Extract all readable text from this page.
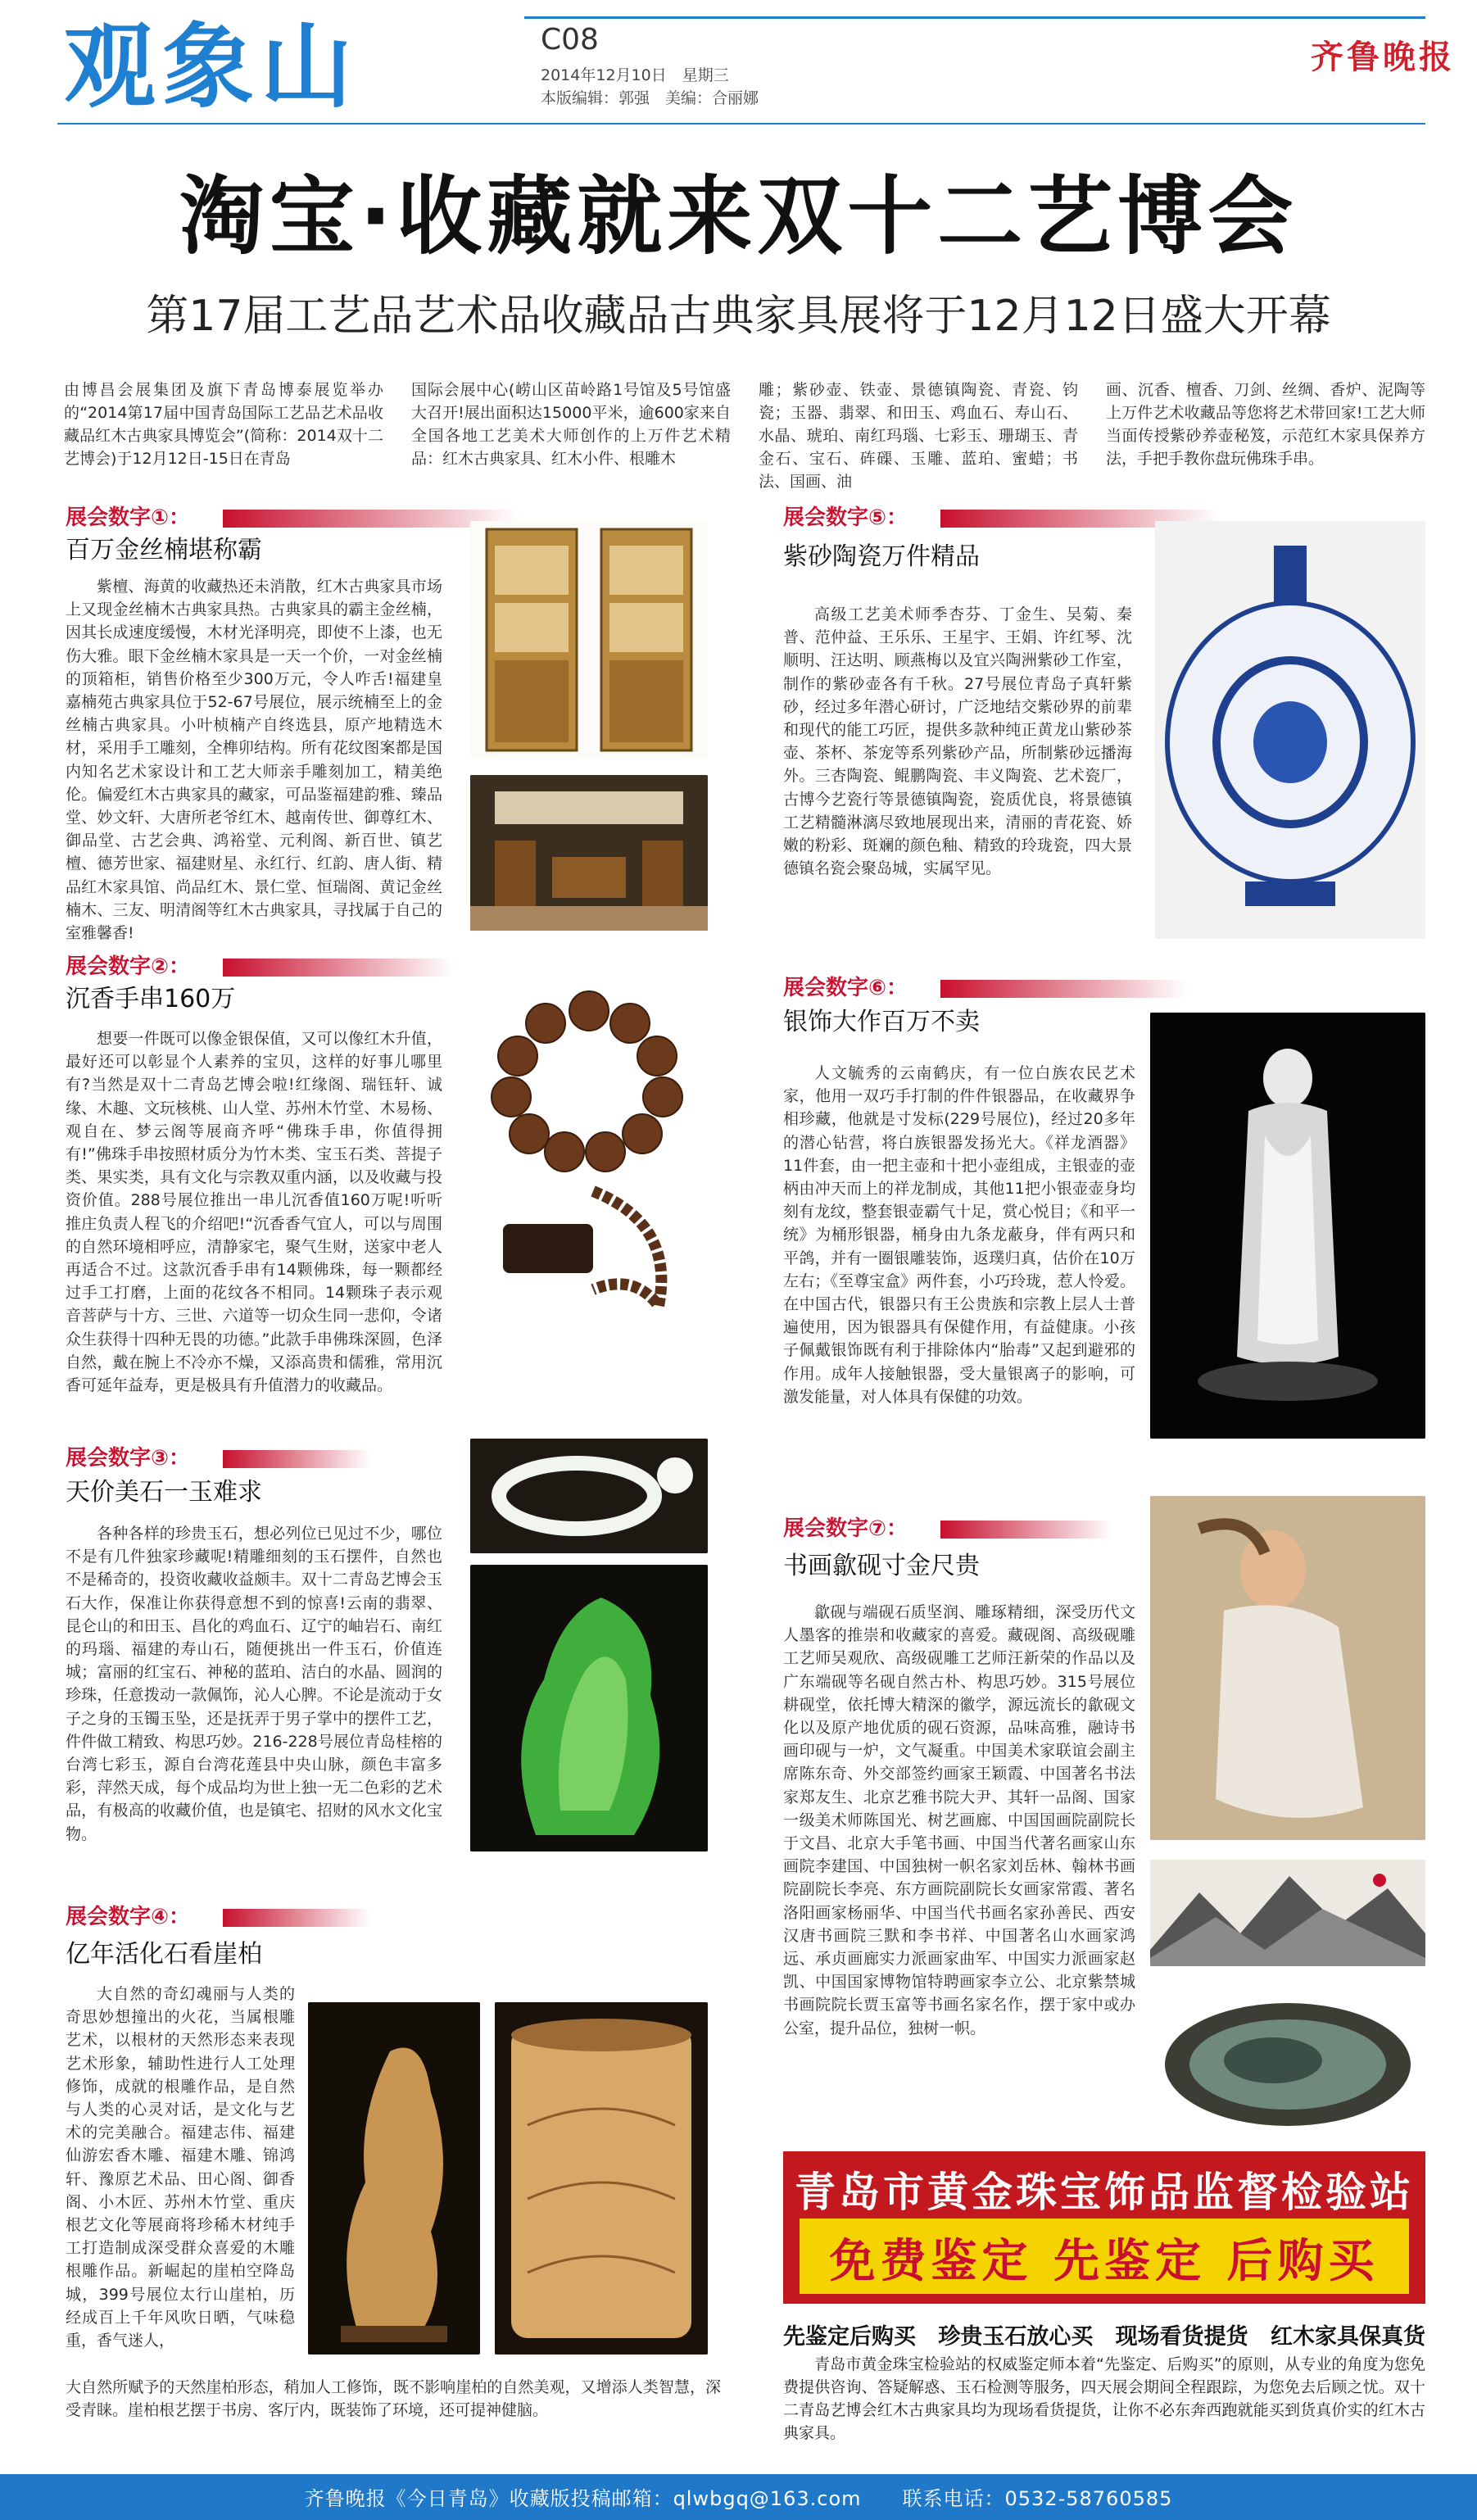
观象山	C08
2014年12月10日　星期三
本版编辑：郭强　美编：合丽娜
齐鲁晚报
淘宝·收藏就来双十二艺博会
第17届工艺品艺术品收藏品古典家具展将于12月12日盛大开幕
由博昌会展集团及旗下青岛博泰展览举办的“2014第17届中国青岛国际工艺品艺术品收藏品红木古典家具博览会”(简称：2014双十二艺博会)于12月12日-15日在青岛
国际会展中心(崂山区苗岭路1号馆及5号馆盛大召开!展出面积达15000平米，逾600家来自全国各地工艺美术大师创作的上万件艺术精品：红木古典家具、红木小件、根雕木
雕；紫砂壶、铁壶、景德镇陶瓷、青瓷、钧瓷；玉器、翡翠、和田玉、鸡血石、寿山石、水晶、琥珀、南红玛瑙、七彩玉、珊瑚玉、青金石、宝石、砗磲、玉雕、蓝珀、蜜蜡；书法、国画、油
画、沉香、檀香、刀剑、丝绸、香炉、泥陶等上万件艺术收藏品等您将艺术带回家!工艺大师当面传授紫砂养壶秘笈，示范红木家具保养方法，手把手教你盘玩佛珠手串。
展会数字①：
百万金丝楠堪称霸
紫檀、海黄的收藏热还未消散，红木古典家具市场上又现金丝楠木古典家具热。古典家具的霸主金丝楠，因其长成速度缓慢，木材光泽明亮，即使不上漆，也无伤大雅。眼下金丝楠木家具是一天一个价，一对金丝楠的顶箱柜，销售价格至少300万元，令人咋舌!福建皇嘉楠苑古典家具位于52-67号展位，展示统楠至上的金丝楠古典家具。小叶桢楠产自终选县，原产地精选木材，采用手工雕刻，全榫卯结构。所有花纹图案都是国内知名艺术家设计和工艺大师亲手雕刻加工，精美绝伦。偏爱红木古典家具的藏家，可品鉴福建韵雅、臻品堂、妙文轩、大唐所老爷红木、越南传世、御尊红木、御品堂、古艺会典、鸿裕堂、元利阁、新百世、镇艺檀、德芳世家、福建财星、永红行、红韵、唐人街、精品红木家具馆、尚品红木、景仁堂、恒瑞阁、黄记金丝楠木、三友、明清阁等红木古典家具，寻找属于自己的室雅馨香!
展会数字②：
沉香手串160万
想要一件既可以像金银保值，又可以像红木升值，最好还可以彰显个人素养的宝贝，这样的好事儿哪里有?当然是双十二青岛艺博会啦!红缘阁、瑞钰轩、诚缘、木趣、文玩核桃、山人堂、苏州木竹堂、木易杨、观自在、梦云阁等展商齐呼“佛珠手串，你值得拥有!”佛珠手串按照材质分为竹木类、宝玉石类、菩提子类、果实类，具有文化与宗教双重内涵，以及收藏与投资价值。288号展位推出一串儿沉香值160万呢!听听推庄负责人程飞的介绍吧!“沉香香气宜人，可以与周围的自然环境相呼应，清静家宅，聚气生财，送家中老人再适合不过。这款沉香手串有14颗佛珠，每一颗都经过手工打磨，上面的花纹各不相同。14颗珠子表示观音菩萨与十方、三世、六道等一切众生同一悲仰，令诸众生获得十四种无畏的功德。”此款手串佛珠深圆，色泽自然，戴在腕上不冷亦不燥，又添高贵和儒雅，常用沉香可延年益寿，更是极具有升值潜力的收藏品。
展会数字③：
天价美石一玉难求
各种各样的珍贵玉石，想必列位已见过不少，哪位不是有几件独家珍藏呢!精雕细刻的玉石摆件，自然也不是稀奇的，投资收藏收益颇丰。双十二青岛艺博会玉石大作，保准让你获得意想不到的惊喜!云南的翡翠、昆仑山的和田玉、昌化的鸡血石、辽宁的岫岩石、南红的玛瑙、福建的寿山石，随便挑出一件玉石，价值连城；富丽的红宝石、神秘的蓝珀、洁白的水晶、圆润的珍珠，任意拨动一款佩饰，沁人心脾。不论是流动于女子之身的玉镯玉坠，还是抚弄于男子掌中的摆件工艺，件件做工精致、构思巧妙。216-228号展位青岛桂榕的台湾七彩玉，源自台湾花莲县中央山脉，颜色丰富多彩，萍然天成，每个成品均为世上独一无二色彩的艺术品，有极高的收藏价值，也是镇宅、招财的风水文化宝物。
展会数字④：
亿年活化石看崖柏
大自然的奇幻魂丽与人类的奇思妙想撞出的火花，当属根雕艺术，以根材的天然形态来表现艺术形象，辅助性进行人工处理修饰，成就的根雕作品，是自然与人类的心灵对话，是文化与艺术的完美融合。福建志伟、福建仙游宏香木雕、福建木雕、锦鸿轩、豫原艺术品、田心阁、御香阁、小木匠、苏州木竹堂、重庆根艺文化等展商将珍稀木材纯手工打造制成深受群众喜爱的木雕根雕作品。新崛起的崖柏空降岛城，399号展位太行山崖柏，历经成百上千年风吹日晒，气味稳重，香气迷人，
大自然所赋予的天然崖柏形态，稍加人工修饰，既不影响崖柏的自然美观，又增添人类智慧，深受青睐。崖柏根艺摆于书房、客厅内，既装饰了环境，还可提神健脑。
展会数字⑤：
紫砂陶瓷万件精品
高级工艺美术师季杏芬、丁金生、吴菊、秦普、范仲益、王乐乐、王星宇、王娟、许红琴、沈顺明、汪达明、顾燕梅以及宜兴陶洲紫砂工作室，制作的紫砂壶各有千秋。27号展位青岛子真轩紫砂，经过多年潜心研讨，广泛地结交紫砂界的前辈和现代的能工巧匠，提供多款种纯正黄龙山紫砂茶壶、茶杯、茶宠等系列紫砂产品，所制紫砂远播海外。三杏陶瓷、鲲鹏陶瓷、丰义陶瓷、艺术瓷厂，古博今艺瓷行等景德镇陶瓷，瓷质优良，将景德镇工艺精髓淋漓尽致地展现出来，清丽的青花瓷、娇嫩的粉彩、斑斓的颜色釉、精致的玲珑瓷，四大景德镇名瓷会聚岛城，实属罕见。
展会数字⑥：
银饰大作百万不卖
人文毓秀的云南鹤庆，有一位白族农民艺术家，他用一双巧手打制的件件银器品，在收藏界争相珍藏，他就是寸发标(229号展位)，经过20多年的潜心钻营，将白族银器发扬光大。《祥龙酒器》11件套，由一把主壶和十把小壶组成，主银壶的壶柄由冲天而上的祥龙制成，其他11把小银壶壶身均刻有龙纹，整套银壶霸气十足，赏心悦目；《和平一统》为桶形银器，桶身由九条龙蔽身，伴有两只和平鸽，并有一圈银雕装饰，返璞归真，估价在10万左右；《至尊宝盒》两件套，小巧玲珑，惹人怜爱。在中国古代，银器只有王公贵族和宗教上层人士普遍使用，因为银器具有保健作用，有益健康。小孩子佩戴银饰既有利于排除体内“胎毒”又起到避邪的作用。成年人接触银器，受大量银离子的影响，可激发能量，对人体具有保健的功效。
展会数字⑦：
书画歙砚寸金尺贵
歙砚与端砚石质坚润、雕琢精细，深受历代文人墨客的推崇和收藏家的喜爱。藏砚阁、高级砚雕工艺师吴观欣、高级砚雕工艺师汪新荣的作品以及广东端砚等名砚自然古朴、构思巧妙。315号展位耕砚堂，依托博大精深的徽学，源远流长的歙砚文化以及原产地优质的砚石资源，品味高雅，融诗书画印砚与一炉，文气凝重。中国美术家联谊会副主席陈东奇、外交部签约画家王颖霞、中国著名书法家郑友生、北京艺雅书院大尹、其轩一品阁、国家一级美术师陈国光、树艺画廊、中国国画院副院长于文昌、北京大手笔书画、中国当代著名画家山东画院李建国、中国独树一帜名家刘岳林、翰林书画院副院长李亮、东方画院副院长女画家常霞、著名洛阳画家杨丽华、中国当代书画名家孙善民、西安汉唐书画院三默和李书祥、中国著名山水画家鸿远、承贞画廊实力派画家曲军、中国实力派画家赵凯、中国国家博物馆特聘画家李立公、北京紫禁城书画院院长贾玉富等书画名家名作，摆于家中或办公室，提升品位，独树一帜。
青岛市黄金珠宝饰品监督检验站
免费鉴定 先鉴定 后购买
先鉴定后购买 珍贵玉石放心买 现场看货提货 红木家具保真货
青岛市黄金珠宝检验站的权威鉴定师本着“先鉴定、后购买”的原则，从专业的角度为您免费提供咨询、答疑解惑、玉石检测等服务，四天展会期间全程跟踪，为您免去后顾之忧。双十二青岛艺博会红木古典家具均为现场看货提货，让你不必东奔西跑就能买到货真价实的红木古典家具。
齐鲁晚报《今日青岛》收藏版投稿邮箱：qlwbgq@163.com　　联系电话：0532-58760585
